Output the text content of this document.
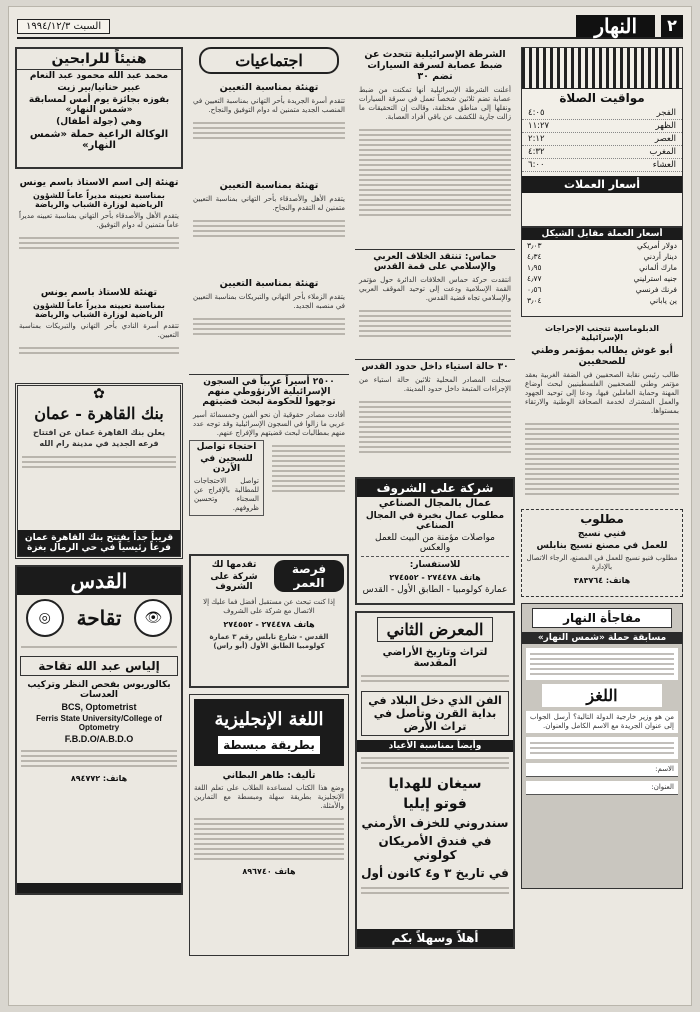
٢
النهار
السبت ١٩٩٤/١٢/٣
مواقيت الصلاة
الفجر
٤:٠٥
الظهر
١١:٢٧
العصر
٢:١٢
المغرب
٤:٣٢
العشاء
٦:٠٠
أسعار العملات
أسعار العملة مقابل الشيكل
دولار أمريكي
٣٫٠٣
دينار أردني
٤٫٣٤
مارك ألماني
١٫٩٥
جنيه استرليني
٤٫٧٧
فرنك فرنسي
٠٫٥٦
ين ياباني
٣٫٠٤
الدبلوماسية تتجنب الإحراجات الإسرائيلية
أبو غوش يطالب بمؤتمر وطني للصحفيين
طالب رئيس نقابة الصحفيين في الضفة الغربية بعقد مؤتمر وطني للصحفيين الفلسطينيين لبحث أوضاع المهنة وحماية العاملين فيها، ودعا إلى توحيد الجهود والعمل المشترك لخدمة الصحافة الوطنية والارتقاء بمستواها.
مطلوب
فنيي نسيج
للعمل في مصنع نسيج بنابلس
مطلوب فنيو نسيج للعمل في المصنع، الرجاء الاتصال بالإدارة
هاتف: ٣٨٣٧٦٤
مفاجأة النهار
مسابقة حملة «شمس النهار»
اللغز
من هو وزير خارجية الدولة التالية؟ أرسل الجواب إلى عنوان الجريدة مع الاسم الكامل والعنوان.
الاسم:
العنوان:
الشرطة الإسرائيلية تتحدث عن ضبط عصابة لسرقة السيارات تضم ٣٠
أعلنت الشرطة الإسرائيلية أنها تمكنت من ضبط عصابة تضم ثلاثين شخصاً تعمل في سرقة السيارات ونقلها إلى مناطق مختلفة، وقالت إن التحقيقات ما زالت جارية للكشف عن باقي أفراد العصابة.
حماس: تنتقد الخلاف العربي والإسلامي على قمة القدس
انتقدت حركة حماس الخلافات الدائرة حول مؤتمر القمة الإسلامية ودعت إلى توحيد الموقف العربي والإسلامي تجاه قضية القدس.
٣٠ حالة استياء داخل حدود القدس
سجلت المصادر المحلية ثلاثين حالة استياء من الإجراءات المتبعة داخل حدود المدينة.
شركة على الشروف
عمال بالمجال الصناعي
مطلوب عمال بخبرة في المجال الصناعي
مواصلات مؤمنة من البيت للعمل والعكس
للاستفسار:
هاتف ٢٧٤٤٧٨ - ٢٧٤٥٥٢
عمارة كولومبيا - الطابق الأول - القدس
المعرض الثاني
لتراث وتاريخ الأراضي المقدسة
الفن الذي دخل البلاد في بداية القرن وتأصل في تراث الأرض
وأيضاً بمناسبة الأعياد
سيغان للهدايا
فوتو إيليا
سندروني للخزف الأرمني
في فندق الأمريكان كولوني
في تاريخ ٣ و٤ كانون أول
أهلاً وسهلاً بكم
اجتماعيات
تهنئة بمناسبة التعيين
تتقدم أسرة الجريدة بأحر التهاني بمناسبة التعيين في المنصب الجديد متمنين له دوام التوفيق والنجاح.
تهنئة بمناسبة التعيين
يتقدم الأهل والأصدقاء بأحر التهاني بمناسبة التعيين متمنين له التقدم والنجاح.
تهنئة بمناسبة التعيين
يتقدم الزملاء بأحر التهاني والتبريكات بمناسبة التعيين في منصبه الجديد.
٢٥٠٠ أسيراً عربياً في السجون الإسرائيلية الأرنؤوطي منهم توجهوا للحكومة لبحث قضيتهم
أفادت مصادر حقوقية أن نحو ألفين وخمسمائة أسير عربي ما زالوا في السجون الإسرائيلية وقد توجه عدد منهم بمطالبات لبحث قضيتهم والإفراج عنهم.
احتجاء تواصل
للسجين في الأردن
تواصل الاحتجاجات للمطالبة بالإفراج عن السجناء وتحسين ظروفهم.
فرصة العمر
تقدمها لك
شركة على الشروف
إذا كنت تبحث عن مستقبل أفضل فما عليك إلا الاتصال مع شركة على الشروف
هاتف ٢٧٤٤٧٨ - ٢٧٤٥٥٢
القدس - شارع نابلس رقم ٣ عمارة كولومبيا الطابق الأول (أبو راس)
اللغة الإنجليزية
بطريقة مبسطة
تأليف: طاهر البطاني
وضع هذا الكتاب لمساعدة الطلاب على تعلم اللغة الإنجليزية بطريقة سهلة ومبسطة مع التمارين والأمثلة.
هاتف ٨٩٦٧٤٠
هنيئاً للرابحين
محمد عبد الله محمود عبد النعام
عبير حنانيا/بير زيت
بفوزه بجائزة يوم أمس لمسابقة «شمس النهار»
وهي (جولة أطفال)
الوكالة الراعية حملة «شمس النهار»
تهنئة إلى اسم الاستاذ باسم يونس
بمناسبة تعيينه مديراً عاماً للشؤون الرياضية لوزارة الشباب والرياضة
يتقدم الأهل والأصدقاء بأحر التهاني بمناسبة تعيينه مديراً عاماً متمنين له دوام التوفيق.
تهنئة للاستاذ باسم يونس
بمناسبة تعيينه مديراً عاماً للشؤون الرياضية لوزارة الشباب والرياضة
تتقدم أسرة النادي بأحر التهاني والتبريكات بمناسبة التعيين.
✿
بنك القاهرة - عمان
يعلن بنك القاهرة عمان عن افتتاح فرعه الجديد في مدينة رام الله
قريباً جداً يفتتح بنك القاهرة عمان فرعاً رئيسياً في حي الرمال بغزة
القدس
👁
تقاحة
◎
إلياس عبد الله تقاحة
بكالوريوس بفحص النظر وتركيب العدسات
BCS, Optometrist
Ferris State University/College of Optometry
F.B.D.O/A.B.D.O
هاتف: ٨٩٤٧٧٢
